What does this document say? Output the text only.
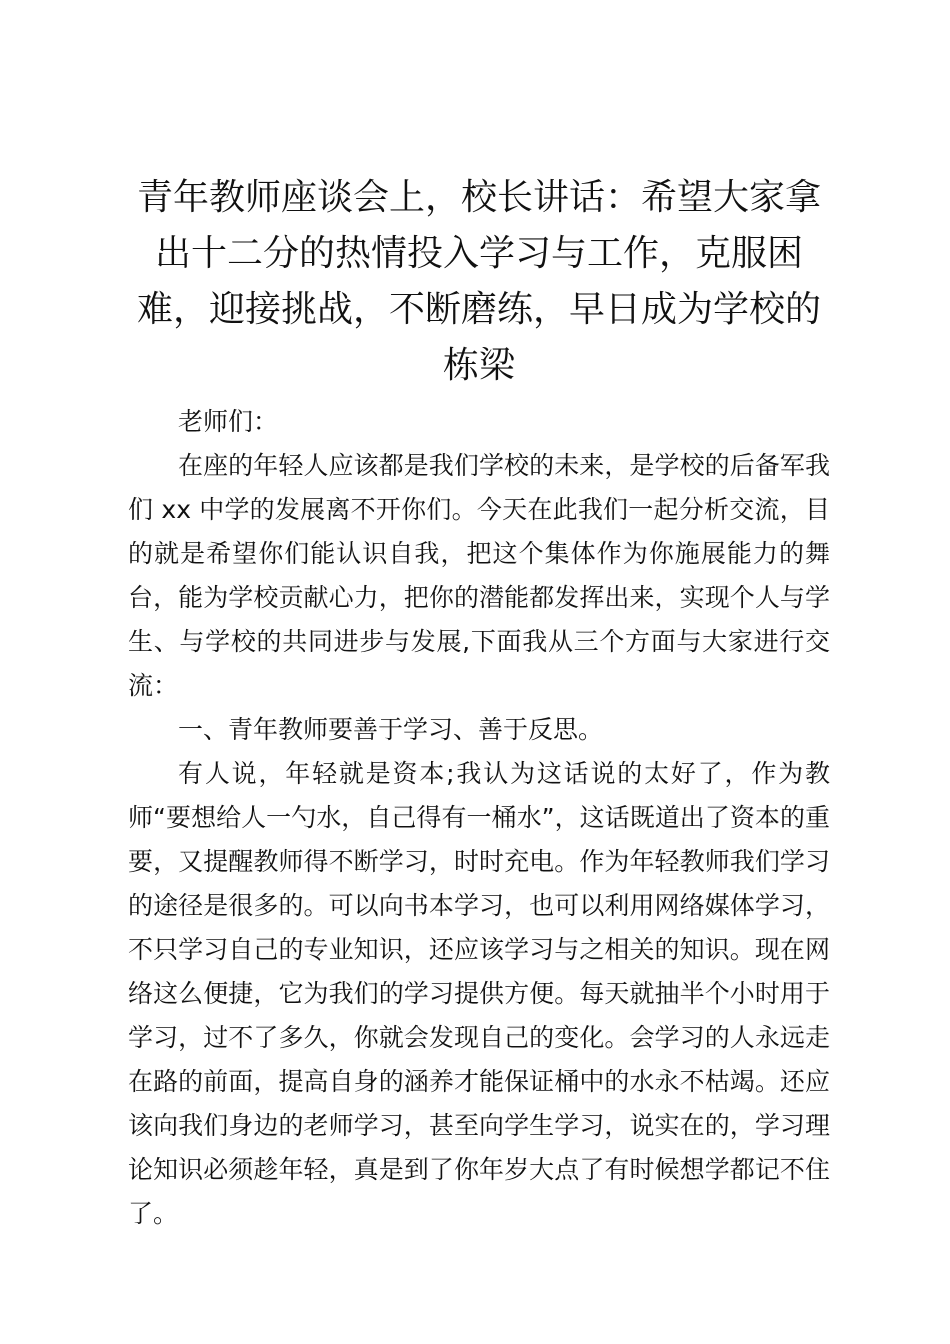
青年教师座谈会上，校长讲话：希望大家拿出十二分的热情投入学习与工作，克服困难，迎接挑战，不断磨练，早日成为学校的栋梁

老师们：

在座的年轻人应该都是我们学校的未来，是学校的后备军我们 xx 中学的发展离不开你们。今天在此我们一起分析交流，目的就是希望你们能认识自我，把这个集体作为你施展能力的舞台，能为学校贡献心力，把你的潜能都发挥出来，实现个人与学生、与学校的共同进步与发展,下面我从三个方面与大家进行交流：

一、青年教师要善于学习、善于反思。

有人说，年轻就是资本;我认为这话说的太好了，作为教师“要想给人一勺水，自己得有一桶水”，这话既道出了资本的重要，又提醒教师得不断学习，时时充电。作为年轻教师我们学习的途径是很多的。可以向书本学习，也可以利用网络媒体学习，不只学习自己的专业知识，还应该学习与之相关的知识。现在网络这么便捷，它为我们的学习提供方便。每天就抽半个小时用于学习，过不了多久，你就会发现自己的变化。会学习的人永远走在路的前面，提高自身的涵养才能保证桶中的水永不枯竭。还应该向我们身边的老师学习，甚至向学生学习，说实在的，学习理论知识必须趁年轻，真是到了你年岁大点了有时候想学都记不住了。
